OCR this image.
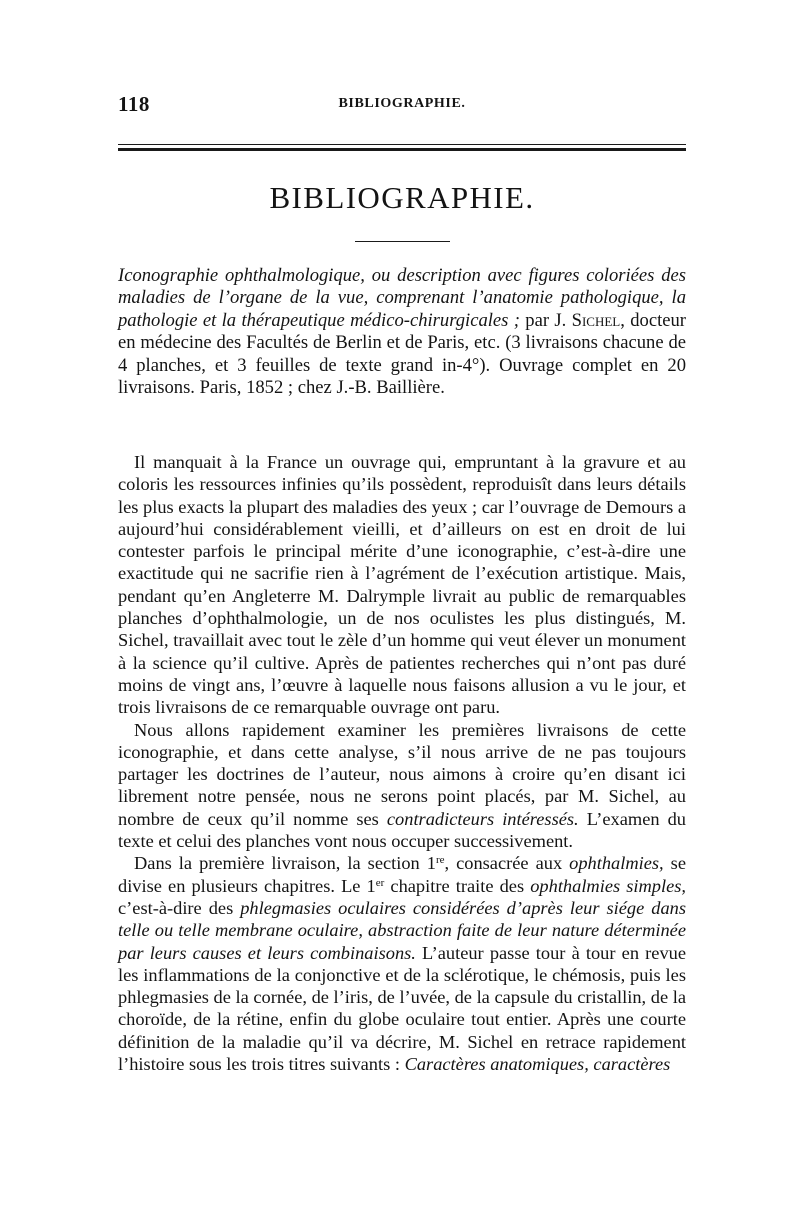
118	BIBLIOGRAPHIE.
BIBLIOGRAPHIE.

Iconographie ophthalmologique, ou description avec figures coloriées des maladies de l’organe de la vue, comprenant l’anatomie pathologique, la pathologie et la thérapeutique médico-chirurgicales ; par J. Sichel, docteur en médecine des Facultés de Berlin et de Paris, etc. (3 livraisons chacune de 4 planches, et 3 feuilles de texte grand in-4°). Ouvrage complet en 20 livraisons. Paris, 1852 ; chez J.-B. Baillière.

Il manquait à la France un ouvrage qui, empruntant à la gravure et au coloris les ressources infinies qu’ils possèdent, reproduisît dans leurs détails les plus exacts la plupart des maladies des yeux ; car l’ouvrage de Demours a aujourd’hui considérablement vieilli, et d’ailleurs on est en droit de lui contester parfois le principal mérite d’une iconographie, c’est-à-dire une exactitude qui ne sacrifie rien à l’agrément de l’exécution artistique. Mais, pendant qu’en Angleterre M. Dalrymple livrait au public de remarquables planches d’ophthalmologie, un de nos oculistes les plus distingués, M. Sichel, travaillait avec tout le zèle d’un homme qui veut élever un monument à la science qu’il cultive. Après de patientes recherches qui n’ont pas duré moins de vingt ans, l’œuvre à laquelle nous faisons allusion a vu le jour, et trois livraisons de ce remarquable ouvrage ont paru.

Nous allons rapidement examiner les premières livraisons de cette iconographie, et dans cette analyse, s’il nous arrive de ne pas toujours partager les doctrines de l’auteur, nous aimons à croire qu’en disant ici librement notre pensée, nous ne serons point placés, par M. Sichel, au nombre de ceux qu’il nomme ses contradicteurs intéressés. L’examen du texte et celui des planches vont nous occuper successivement.

Dans la première livraison, la section 1re, consacrée aux ophthalmies, se divise en plusieurs chapitres. Le 1er chapitre traite des ophthalmies simples, c’est-à-dire des phlegmasies oculaires considérées d’après leur siége dans telle ou telle membrane oculaire, abstraction faite de leur nature déterminée par leurs causes et leurs combinaisons. L’auteur passe tour à tour en revue les inflammations de la conjonctive et de la sclérotique, le chémosis, puis les phlegmasies de la cornée, de l’iris, de l’uvée, de la capsule du cristallin, de la choroïde, de la rétine, enfin du globe oculaire tout entier. Après une courte définition de la maladie qu’il va décrire, M. Sichel en retrace rapidement l’histoire sous les trois titres suivants : Caractères anatomiques, caractères
